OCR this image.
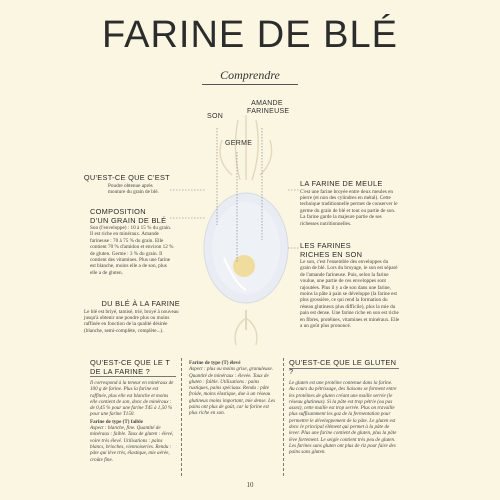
FARINE DE BLÉ
Comprendre
SON
AMANDE
FARINEUSE
GERME
QU'EST-CE QUE C'EST
Poudre obtenue après mouture du grain de blé.
COMPOSITION
D'UN GRAIN DE BLÉ
Son (l'enveloppe) : 10 à 15 % du grain. Il est riche en minéraux. Amande farineuse : 70 à 75 % du grain. Elle contient 70 % d'amidon et environ 12 % de gluten. Germe : 3 % du grain. Il contient des vitamines. Plus une farine est blanche, moins elle a de son, plus elle a de gluten.
DU BLÉ À LA FARINE
Le blé est briyé, tamisé, trié, broyé à nouveau jusqu'à obtenir une poudre plus ou moins raffinée en fonction de la qualité désirée (blanche, semi-complète, complète...).
LA FARINE DE MEULE
C'est une farine broyée entre deux meules en pierre (et non des cylindres en métal). Cette technique traditionnelle permet de conserver le germe du grain de blé et tout ou partie de son. La farine garde la majeure partie de ses richesses nutritionnelles.
LES FARINES
RICHES EN SON
Le son, c'est l'ensemble des enveloppes du grain de blé. Lors du broyage, le son est séparé de l'amande farineuse. Puis, selon la farine voulue, une partie de ces enveloppes sont rajoutées. Plus il y a de son dans une farine, moins la pâte à pain se développe (la farine est plus grossière, ce qui rend la formation du réseau glutineux plus difficile), plus la mie du pain est dense. Une farine riche en son est riche en fibres, protéines, vitamines et minéraux. Elle a un goût plus prononcé.
QU'EST-CE QUE LE T
DE LA FARINE ?
Il correspond à la teneur en minéraux de 100 g de farine. Plus la farine est raffinée, plus elle est blanche et moins elle contient de son, donc de minéraux : de 0,45 % pour une farine T45 à 1,50 % pour une farine T150.
Farine de type (T) faible
Aspect : blanche, fine. Quantité de minéraux : faible. Taux de gluten : élevé, voire très élevé. Utilisations : pains blancs, brioches, viennoiseries. Rendu : pâte qui lève très, élastique, mie aérée, croûte fine.
Farine de type (T) élevé
Aspect : plus ou moins grise, granuleuse. Quantité de minéraux : élevée. Taux de gluten : faible. Utilisations : pains rustiques, pains spéciaux. Rendu : pâte froide, moins élastique, due à un réseau glutineux moins important, mie dense. Les pains ont plus de goût, car la farine est plus riche en son.
QU'EST-CE QUE LE GLUTEN ?
Le gluten est une protéine contenue dans la farine. Au cours du pétrissage, des liaisons se forment entre les protéines de gluten créant une maille serrée (le réseau glutineux). Si la pâte est trop pétrie (ou pas assez), cette maille est trop serrée. Plus on travaille plus suffisamment les gaz de la fermentation pour permettre le développement de la pâte. Le gluten est donc le principal élément qui permet à la pâte de lever. Plus une farine contient de gluten, plus la pâte lève fortement. Le seigle contient très peu de gluten. Les farines sans gluten ont plus de riz pour faire des pains sans gluten.
10
